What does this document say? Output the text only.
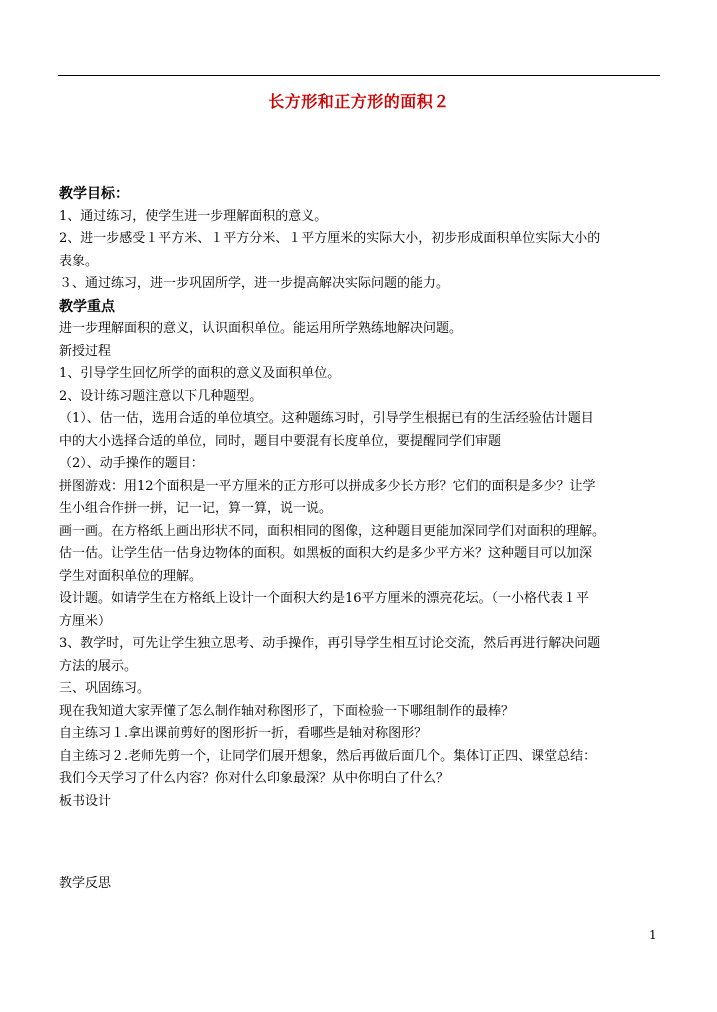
长方形和正方形的面积２
教学目标：
1、通过练习，使学生进一步理解面积的意义。
2、进一步感受１平方米、１平方分米、１平方厘米的实际大小，初步形成面积单位实际大小的
表象。
３、通过练习，进一步巩固所学，进一步提高解决实际问题的能力。
教学重点
进一步理解面积的意义，认识面积单位。能运用所学熟练地解决问题。
新授过程
1、引导学生回忆所学的面积的意义及面积单位。
2、设计练习题注意以下几种题型。
（1）、估一估，选用合适的单位填空。这种题练习时，引导学生根据已有的生活经验估计题目
中的大小选择合适的单位，同时，题目中要混有长度单位，要提醒同学们审题
（2）、动手操作的题目：
拼图游戏：用12个面积是一平方厘米的正方形可以拼成多少长方形？它们的面积是多少？让学
生小组合作拼一拼，记一记，算一算，说一说。
画一画。在方格纸上画出形状不同，面积相同的图像，这种题目更能加深同学们对面积的理解。
估一估。让学生估一估身边物体的面积。如黑板的面积大约是多少平方米？这种题目可以加深
学生对面积单位的理解。
设计题。如请学生在方格纸上设计一个面积大约是16平方厘米的漂亮花坛。（一小格代表１平
方厘米）
3、教学时，可先让学生独立思考、动手操作，再引导学生相互讨论交流，然后再进行解决问题
方法的展示。
三、巩固练习。
现在我知道大家弄懂了怎么制作轴对称图形了，下面检验一下哪组制作的最棒？
自主练习１.拿出课前剪好的图形折一折，看哪些是轴对称图形？
自主练习２.老师先剪一个，让同学们展开想象，然后再做后面几个。集体订正四、课堂总结：
我们今天学习了什么内容？你对什么印象最深？从中你明白了什么？
板书设计
教学反思
1
